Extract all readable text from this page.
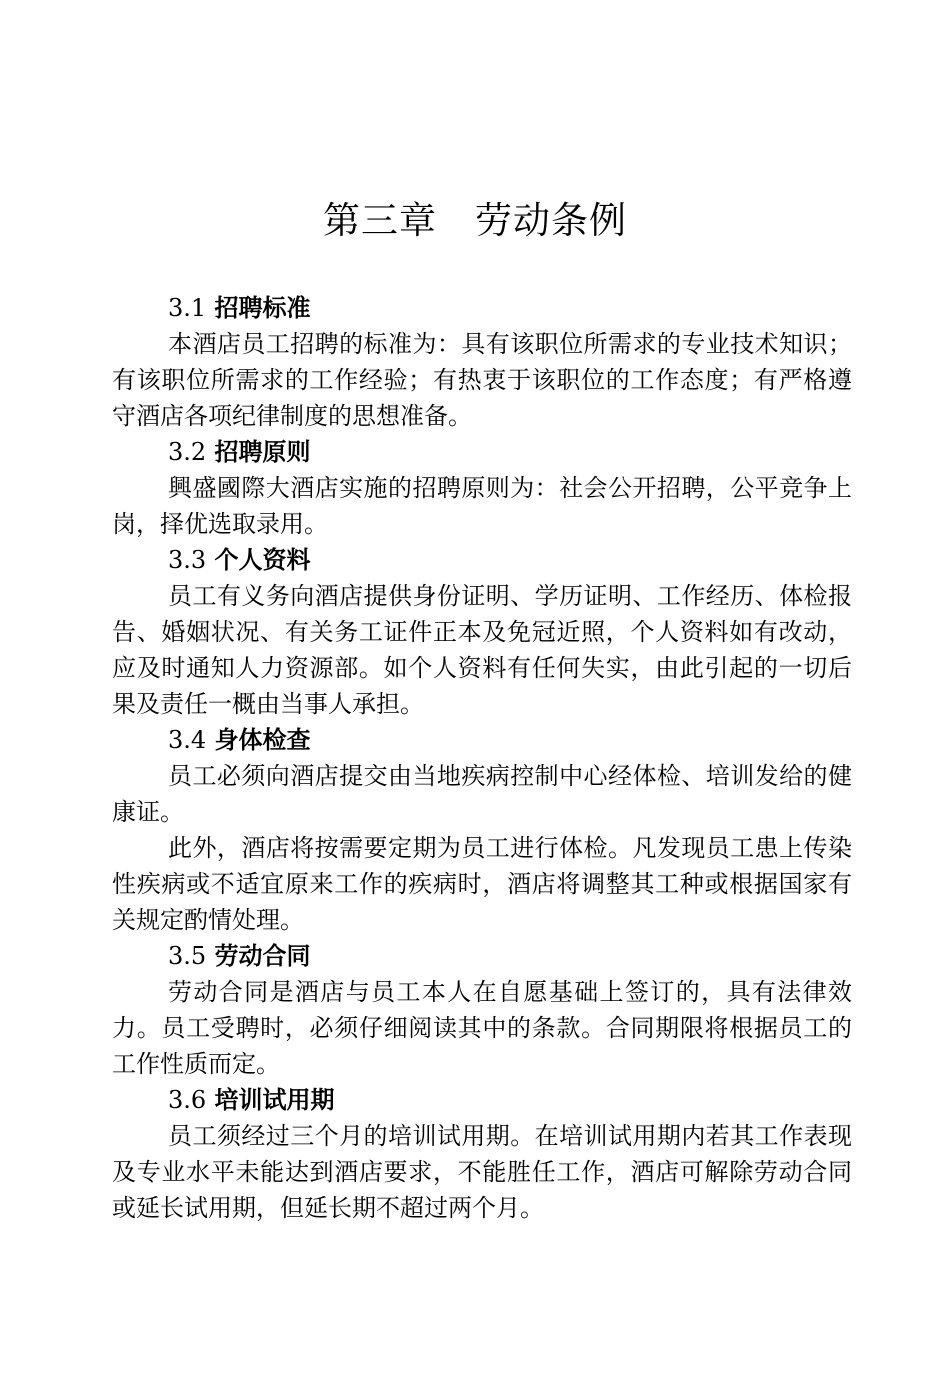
第三章　劳动条例

3.1 招聘标准

本酒店员工招聘的标准为：具有该职位所需求的专业技术知识；有该职位所需求的工作经验；有热衷于该职位的工作态度；有严格遵守酒店各项纪律制度的思想准备。

3.2 招聘原则

興盛國際大酒店实施的招聘原则为：社会公开招聘，公平竞争上岗，择优选取录用。

3.3 个人资料

员工有义务向酒店提供身份证明、学历证明、工作经历、体检报告、婚姻状况、有关务工证件正本及免冠近照，个人资料如有改动，应及时通知人力资源部。如个人资料有任何失实，由此引起的一切后果及责任一概由当事人承担。

3.4 身体检查

员工必须向酒店提交由当地疾病控制中心经体检、培训发给的健康证。

此外，酒店将按需要定期为员工进行体检。凡发现员工患上传染性疾病或不适宜原来工作的疾病时，酒店将调整其工种或根据国家有关规定酌情处理。

3.5 劳动合同

劳动合同是酒店与员工本人在自愿基础上签订的，具有法律效力。员工受聘时，必须仔细阅读其中的条款。合同期限将根据员工的工作性质而定。

3.6 培训试用期

员工须经过三个月的培训试用期。在培训试用期内若其工作表现及专业水平未能达到酒店要求，不能胜任工作，酒店可解除劳动合同或延长试用期，但延长期不超过两个月。
